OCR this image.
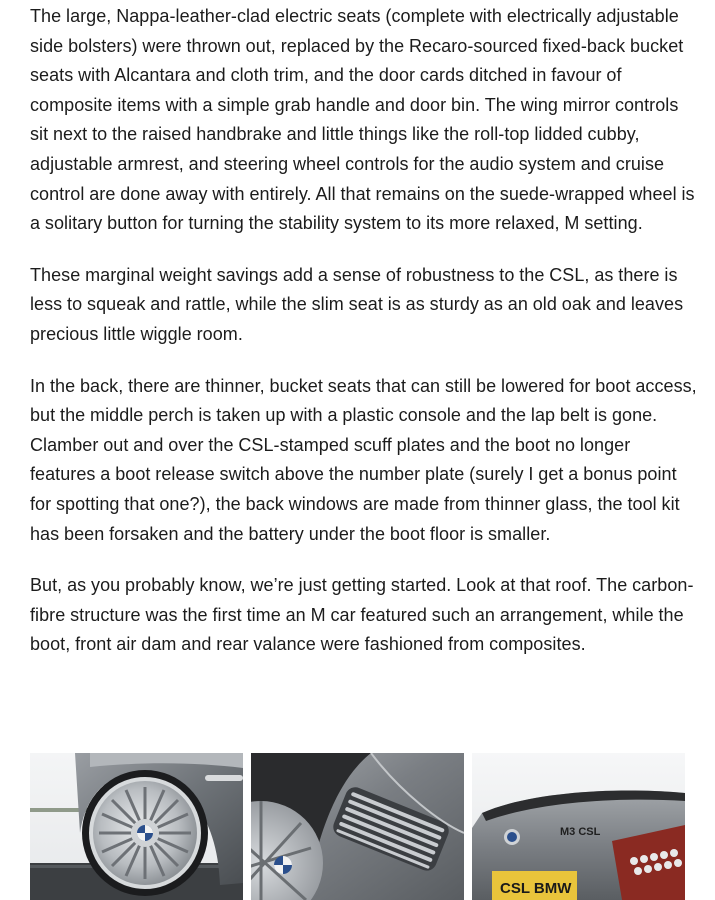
The large, Nappa-leather-clad electric seats (complete with electrically adjustable side bolsters) were thrown out, replaced by the Recaro-sourced fixed-back bucket seats with Alcantara and cloth trim, and the door cards ditched in favour of composite items with a simple grab handle and door bin. The wing mirror controls sit next to the raised handbrake and little things like the roll-top lidded cubby, adjustable armrest, and steering wheel controls for the audio system and cruise control are done away with entirely. All that remains on the suede-wrapped wheel is a solitary button for turning the stability system to its more relaxed, M setting.

These marginal weight savings add a sense of robustness to the CSL, as there is less to squeak and rattle, while the slim seat is as sturdy as an old oak and leaves precious little wiggle room.

In the back, there are thinner, bucket seats that can still be lowered for boot access, but the middle perch is taken up with a plastic console and the lap belt is gone. Clamber out and over the CSL-stamped scuff plates and the boot no longer features a boot release switch above the number plate (surely I get a bonus point for spotting that one?), the back windows are made from thinner glass, the tool kit has been forsaken and the battery under the boot floor is smaller.

But, as you probably know, we’re just getting started. Look at that roof. The carbon-fibre structure was the first time an M car featured such an arrangement, while the boot, front air dam and rear valance were fashioned from composites.

M3 CSL
CSL BMW
